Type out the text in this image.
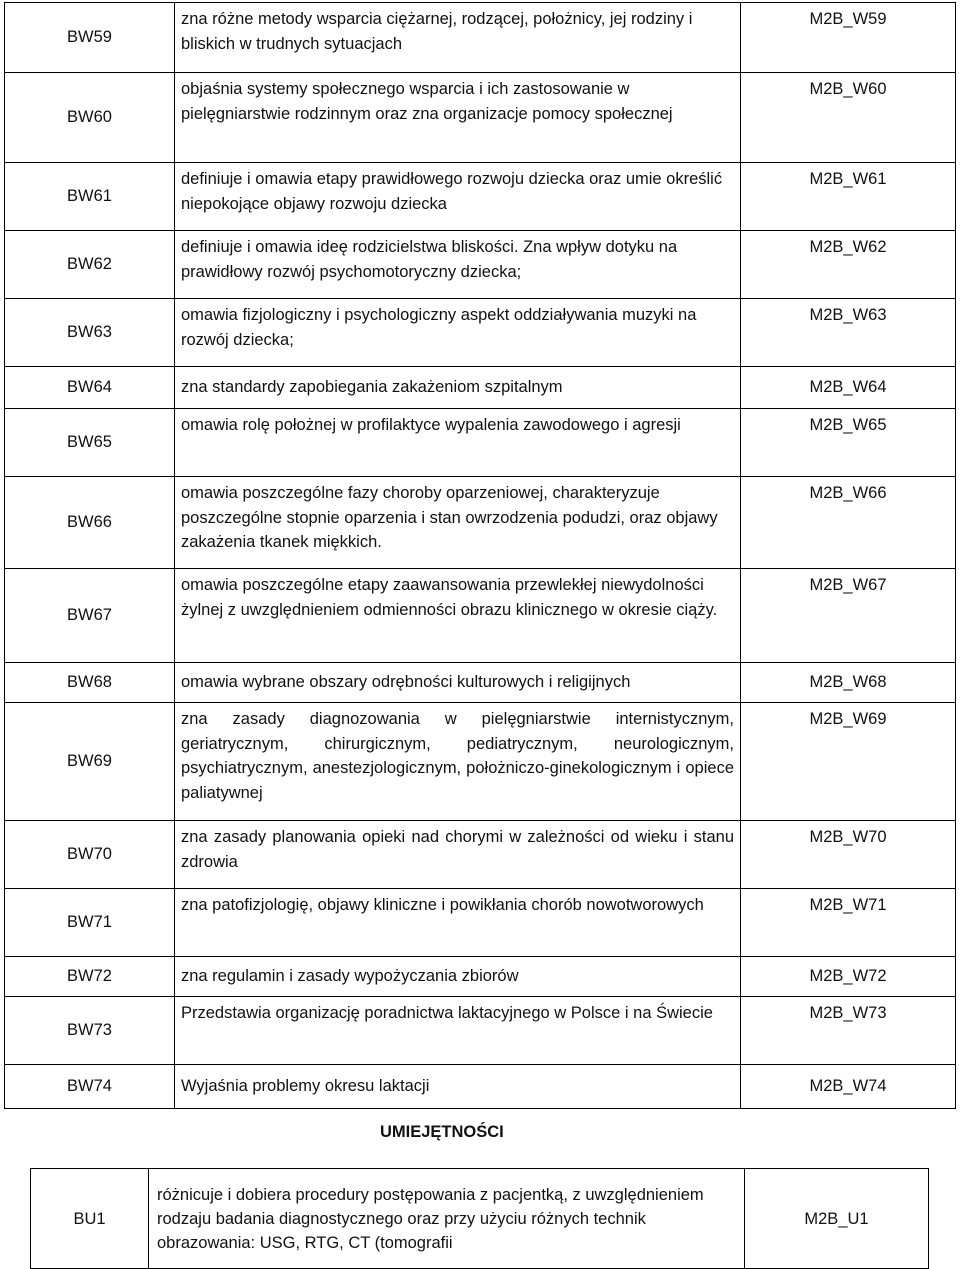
BW59	zna różne metody wsparcia ciężarnej, rodzącej, położnicy, jej rodziny i bliskich w trudnych sytuacjach	M2B_W59
BW60	objaśnia systemy społecznego wsparcia i ich zastosowanie w pielęgniarstwie rodzinnym oraz zna organizacje pomocy społecznej	M2B_W60
BW61	definiuje i omawia etapy prawidłowego rozwoju dziecka oraz umie określić niepokojące objawy rozwoju dziecka	M2B_W61
BW62	definiuje i omawia ideę rodzicielstwa bliskości. Zna wpływ dotyku na prawidłowy rozwój psychomotoryczny dziecka;	M2B_W62
BW63	omawia fizjologiczny i psychologiczny aspekt oddziaływania muzyki na rozwój dziecka;	M2B_W63
BW64	zna standardy zapobiegania zakażeniom szpitalnym	M2B_W64
BW65	omawia rolę położnej w profilaktyce wypalenia zawodowego i agresji	M2B_W65
BW66	omawia poszczególne fazy choroby oparzeniowej, charakteryzuje poszczególne stopnie oparzenia i stan owrzodzenia podudzi, oraz objawy zakażenia tkanek miękkich.	M2B_W66
BW67	omawia poszczególne etapy zaawansowania przewlekłej niewydolności żylnej z uwzględnieniem odmienności obrazu klinicznego w okresie ciąży.	M2B_W67
BW68	omawia wybrane obszary odrębności kulturowych i religijnych	M2B_W68
BW69	zna zasady diagnozowania w pielęgniarstwie internistycznym, geriatrycznym, chirurgicznym, pediatrycznym, neurologicznym, psychiatrycznym, anestezjologicznym, położniczo-ginekologicznym i opiece paliatywnej	M2B_W69
BW70	zna zasady planowania opieki nad chorymi w zależności od wieku i stanu zdrowia	M2B_W70
BW71	zna patofizjologię, objawy kliniczne i powikłania chorób nowotworowych	M2B_W71
BW72	zna regulamin i zasady wypożyczania zbiorów	M2B_W72
BW73	Przedstawia organizację poradnictwa laktacyjnego w Polsce i na Świecie	M2B_W73
BW74	Wyjaśnia problemy okresu laktacji	M2B_W74
UMIEJĘTNOŚCI
BU1	różnicuje i dobiera procedury postępowania z pacjentką, z uwzględnieniem rodzaju badania diagnostycznego oraz przy użyciu różnych technik obrazowania: USG, RTG, CT (tomografii	M2B_U1
